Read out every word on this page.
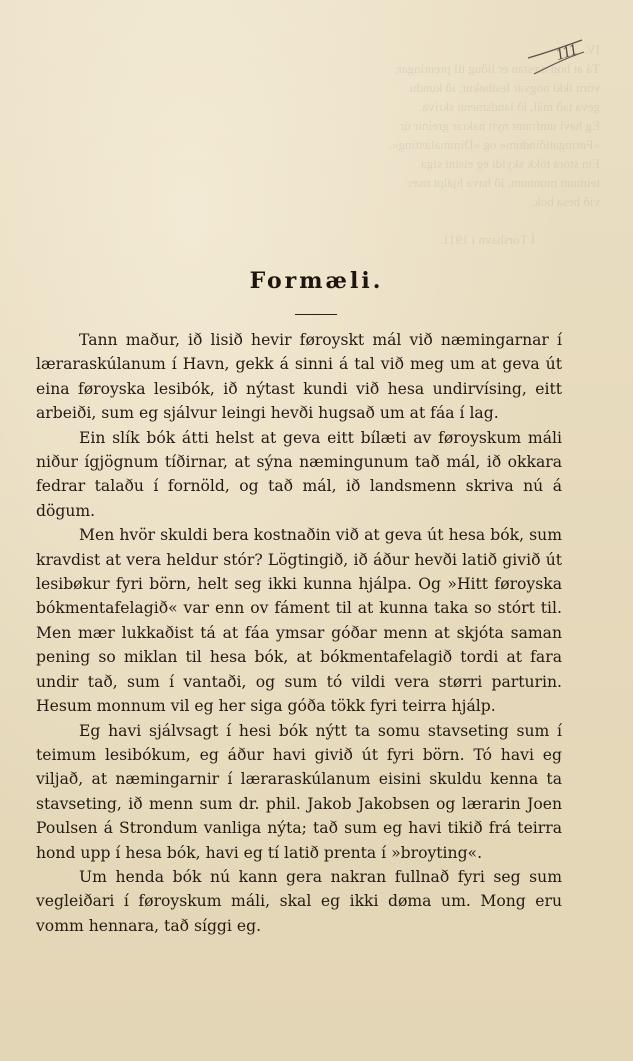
IV.
Tá at hon næstan er liðug til prentingar,
vóru ikki nógvar lesibøkur, ið kundu
geva tað mál, ið landsmenn skriva.
Eg havi umframt nýtt nakrar greinir úr
»Føringatíðindum« og »Dimmalætting«.
Ein stóra tökk skyldi eg eisini siga
teimum monnum, ið hava hjálpt mær
við hesa bók.

Í Tórshavn í 1911.
111
Formæli.

Tann maður, ið lisið hevir føroyskt mál við næmingarnar í læraraskúlanum í Havn, gekk á sinni á tal við meg um at geva út eina føroyska lesibók, ið nýtast kundi við hesa undirvísing, eitt arbeiði, sum eg sjálvur leingi hevði hugsað um at fáa í lag.

Ein slík bók átti helst at geva eitt bílæti av føroyskum máli niður ígjögnum tíðirnar, at sýna næmingunum tað mál, ið okkara fedrar talaðu í fornöld, og tað mál, ið landsmenn skriva nú á dögum.

Men hvör skuldi bera kostnaðin við at geva út hesa bók, sum kravdist at vera heldur stór? Lögtingið, ið áður hevði latið givið út lesibøkur fyri börn, helt seg ikki kunna hjálpa. Og »Hitt føroyska bókmentafelagið« var enn ov fáment til at kunna taka so stórt til. Men mær lukkaðist tá at fáa ymsar góðar menn at skjóta saman pening so miklan til hesa bók, at bókmentafelagið tordi at fara undir tað, sum í vantaði, og sum tó vildi vera størri parturin. Hesum monnum vil eg her siga góða tökk fyri teirra hjálp.

Eg havi sjálvsagt í hesi bók nýtt ta somu stavseting sum í teimum lesibókum, eg áður havi givið út fyri börn. Tó havi eg viljað, at næmingarnir í læraraskúlanum eisini skuldu kenna ta stavseting, ið menn sum dr. phil. Jakob Jakobsen og lærarin Joen Poulsen á Strondum vanliga nýta; tað sum eg havi tikið frá teirra hond upp í hesa bók, havi eg tí latið prenta í »broyting«.

Um henda bók nú kann gera nakran fullnað fyri seg sum vegleiðari í føroyskum máli, skal eg ikki døma um. Mong eru vomm hennara, tað síggi eg.
